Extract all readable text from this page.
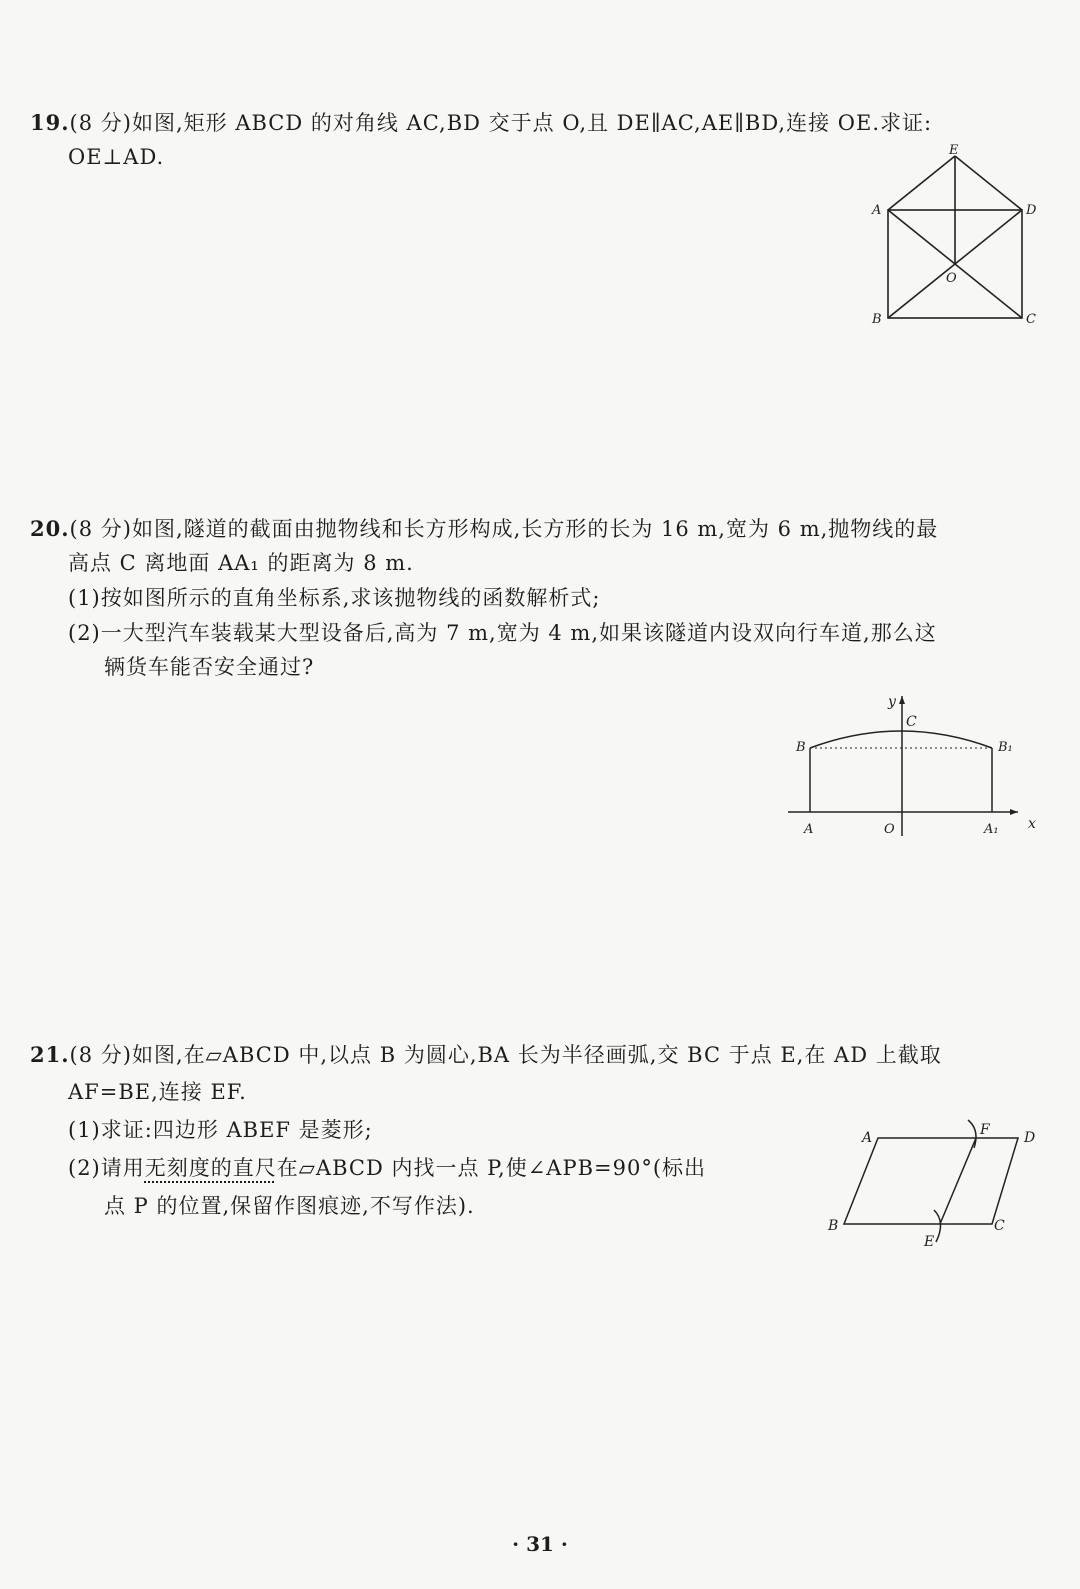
19.(8 分)如图,矩形 ABCD 的对角线 AC,BD 交于点 O,且 DE∥AC,AE∥BD,连接 OE.求证:
OE⊥AD.	E
A	D
O
B	C
20.(8 分)如图,隧道的截面由抛物线和长方形构成,长方形的长为 16 m,宽为 6 m,抛物线的最
高点 C 离地面 AA₁ 的距离为 8 m.
(1)按如图所示的直角坐标系,求该抛物线的函数解析式;
(2)一大型汽车装载某大型设备后,高为 7 m,宽为 4 m,如果该隧道内设双向行车道,那么这
辆货车能否安全通过?
y
x
C
B	B₁
A	O	A₁
21.(8 分)如图,在▱ABCD 中,以点 B 为圆心,BA 长为半径画弧,交 BC 于点 E,在 AD 上截取
AF=BE,连接 EF.
(1)求证:四边形 ABEF 是菱形;
(2)请用无刻度的直尺在▱ABCD 内找一点 P,使∠APB=90°(标出
点 P 的位置,保留作图痕迹,不写作法).
A	F D
B	C
E
· 31 ·
